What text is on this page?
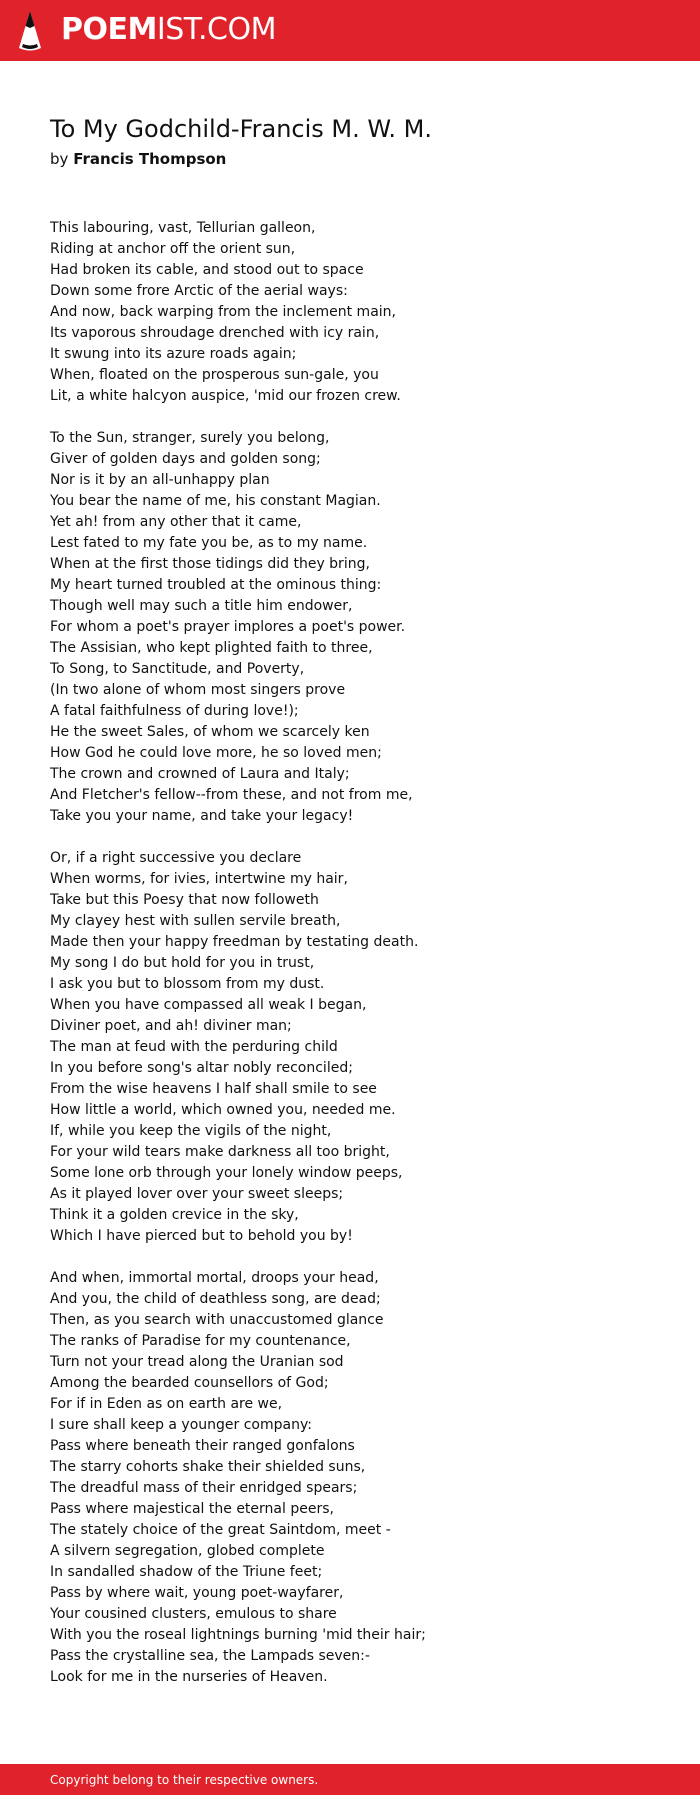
POEMIST.COM
To My Godchild-Francis M. W. M.
by Francis Thompson
This labouring, vast, Tellurian galleon,
Riding at anchor off the orient sun,
Had broken its cable, and stood out to space
Down some frore Arctic of the aerial ways:
And now, back warping from the inclement main,
Its vaporous shroudage drenched with icy rain,
It swung into its azure roads again;
When, floated on the prosperous sun-gale, you
Lit, a white halcyon auspice, 'mid our frozen crew.
To the Sun, stranger, surely you belong,
Giver of golden days and golden song;
Nor is it by an all-unhappy plan
You bear the name of me, his constant Magian.
Yet ah! from any other that it came,
Lest fated to my fate you be, as to my name.
When at the first those tidings did they bring,
My heart turned troubled at the ominous thing:
Though well may such a title him endower,
For whom a poet's prayer implores a poet's power.
The Assisian, who kept plighted faith to three,
To Song, to Sanctitude, and Poverty,
(In two alone of whom most singers prove
A fatal faithfulness of during love!);
He the sweet Sales, of whom we scarcely ken
How God he could love more, he so loved men;
The crown and crowned of Laura and Italy;
And Fletcher's fellow--from these, and not from me,
Take you your name, and take your legacy!
Or, if a right successive you declare
When worms, for ivies, intertwine my hair,
Take but this Poesy that now followeth
My clayey hest with sullen servile breath,
Made then your happy freedman by testating death.
My song I do but hold for you in trust,
I ask you but to blossom from my dust.
When you have compassed all weak I began,
Diviner poet, and ah! diviner man;
The man at feud with the perduring child
In you before song's altar nobly reconciled;
From the wise heavens I half shall smile to see
How little a world, which owned you, needed me.
If, while you keep the vigils of the night,
For your wild tears make darkness all too bright,
Some lone orb through your lonely window peeps,
As it played lover over your sweet sleeps;
Think it a golden crevice in the sky,
Which I have pierced but to behold you by!
And when, immortal mortal, droops your head,
And you, the child of deathless song, are dead;
Then, as you search with unaccustomed glance
The ranks of Paradise for my countenance,
Turn not your tread along the Uranian sod
Among the bearded counsellors of God;
For if in Eden as on earth are we,
I sure shall keep a younger company:
Pass where beneath their ranged gonfalons
The starry cohorts shake their shielded suns,
The dreadful mass of their enridged spears;
Pass where majestical the eternal peers,
The stately choice of the great Saintdom, meet -
A silvern segregation, globed complete
In sandalled shadow of the Triune feet;
Pass by where wait, young poet-wayfarer,
Your cousined clusters, emulous to share
With you the roseal lightnings burning 'mid their hair;
Pass the crystalline sea, the Lampads seven:-
Look for me in the nurseries of Heaven.
Copyright belong to their respective owners.
